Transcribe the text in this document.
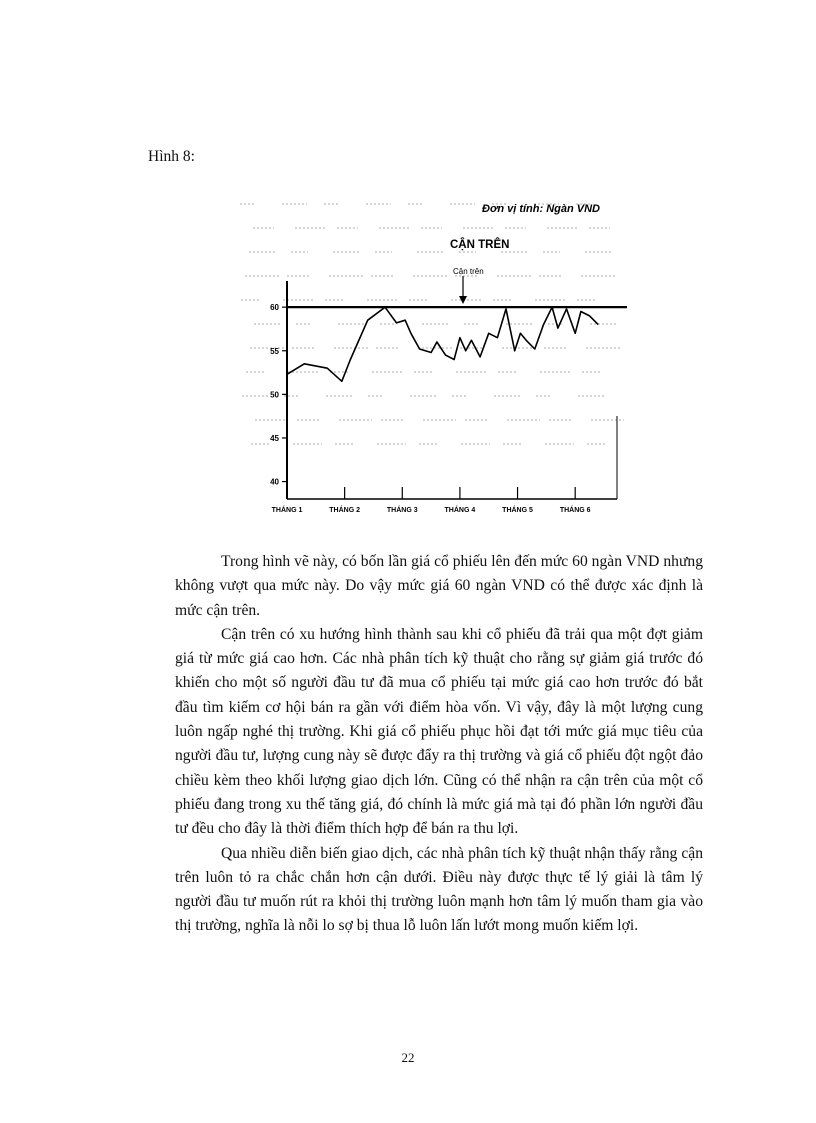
Hình 8:
40
45
50
55
60
THÁNG 1	THÁNG 2	THÁNG 3	THÁNG 4	THÁNG 5	THÁNG 6
Đơn vị tính: Ngàn VND
CẬN TRÊN
Cận trên

Trong hình vẽ này, có bốn lần giá cổ phiếu lên đến mức 60 ngàn VND nhưng không vượt qua mức này. Do vậy mức giá 60 ngàn VND có thể được xác định là mức cận trên.

Cận trên có xu hướng hình thành sau khi cổ phiếu đã trải qua một đợt giảm giá từ mức giá cao hơn. Các nhà phân tích kỹ thuật cho rằng sự giảm giá trước đó khiến cho một số người đầu tư đã mua cổ phiếu tại mức giá cao hơn trước đó bắt đầu tìm kiếm cơ hội bán ra gần với điểm hòa vốn. Vì vậy, đây là một lượng cung luôn ngấp nghé thị trường. Khi giá cổ phiếu phục hồi đạt tới mức giá mục tiêu của người đầu tư, lượng cung này sẽ được đẩy ra thị trường và giá cổ phiếu đột ngột đảo chiều kèm theo khối lượng giao dịch lớn. Cũng có thể nhận ra cận trên của một cổ phiếu đang trong xu thế tăng giá, đó chính là mức giá mà tại đó phần lớn người đầu tư đều cho đây là thời điểm thích hợp để bán ra thu lợi.

Qua nhiều diễn biến giao dịch, các nhà phân tích kỹ thuật nhận thấy rằng cận trên luôn tỏ ra chắc chắn hơn cận dưới. Điều này được thực tế lý giải là tâm lý người đầu tư muốn rút ra khỏi thị trường luôn mạnh hơn tâm lý muốn tham gia vào thị trường, nghĩa là nỗi lo sợ bị thua lỗ luôn lấn lướt mong muốn kiếm lợi.

22
